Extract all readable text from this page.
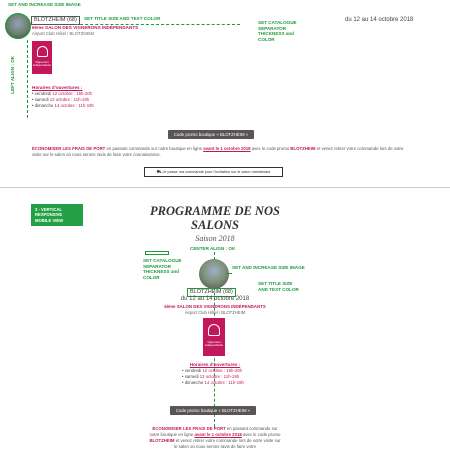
SET AND INCREASE SIZE IMAGE
BLOTZHEIM (68)	SET TITLE SIZE AND TEXT COLOR
6ème SALON DES VIGNERONS INDÉPENDANTS
Airport Club Hôtel / BLOTZHEIM
SET CATALOGUE SEPARATOR THICKNESS and COLOR
du 12 au 14 octobre 2018
LEFT ALIGN : OK	Vignerons indépendants
Horaires d'ouvertures :
• vendredi 12 octobre : 15h-20h
• samedi 13 octobre : 11h-19h
• dimanche 14 octobre : 11h-19h
Code promo boutique « BLOTZHEIM »
ÉCONOMISER LES FRAIS DE PORT en passant commande sur notre boutique en ligne avant le 1 octobre 2018 avec le code promo BLOTZHEIM et venez retirer votre commande lors de votre visite sur le salon où nous serons ravis de faire votre connaissance.
⛟ Je passe ma commande pour l'invitation sur le salon maintenant
3 - VERTICAL RESPONSIVE MOBILE VIEW
PROGRAMME DE NOS SALONS
Saison 2018
CENTER ALIGN : OK
SET CATALOGUE SEPARATOR THICKNESS and COLOR
SET AND INCREASE SIZE IMAGE
SET TITLE SIZE AND TEXT COLOR
BLOTZHEIM (68)
du 12 au 14 octobre 2018
6ème SALON DES VIGNERONS INDÉPENDANTS
Airport Club Hôtel / BLOTZHEIM
Vignerons indépendants
Horaires d'ouvertures :
• vendredi 12 octobre : 15h-20h
• samedi 13 octobre : 11h-19h
• dimanche 14 octobre : 11h-19h
Code promo boutique « BLOTZHEIM »
ÉCONOMISER LES FRAIS DE PORT en passant commande sur notre boutique en ligne avant le 1 octobre 2018 avec le code promo BLOTZHEIM et venez retirer votre commande lors de votre visite sur le salon où nous serons ravis de faire votre
